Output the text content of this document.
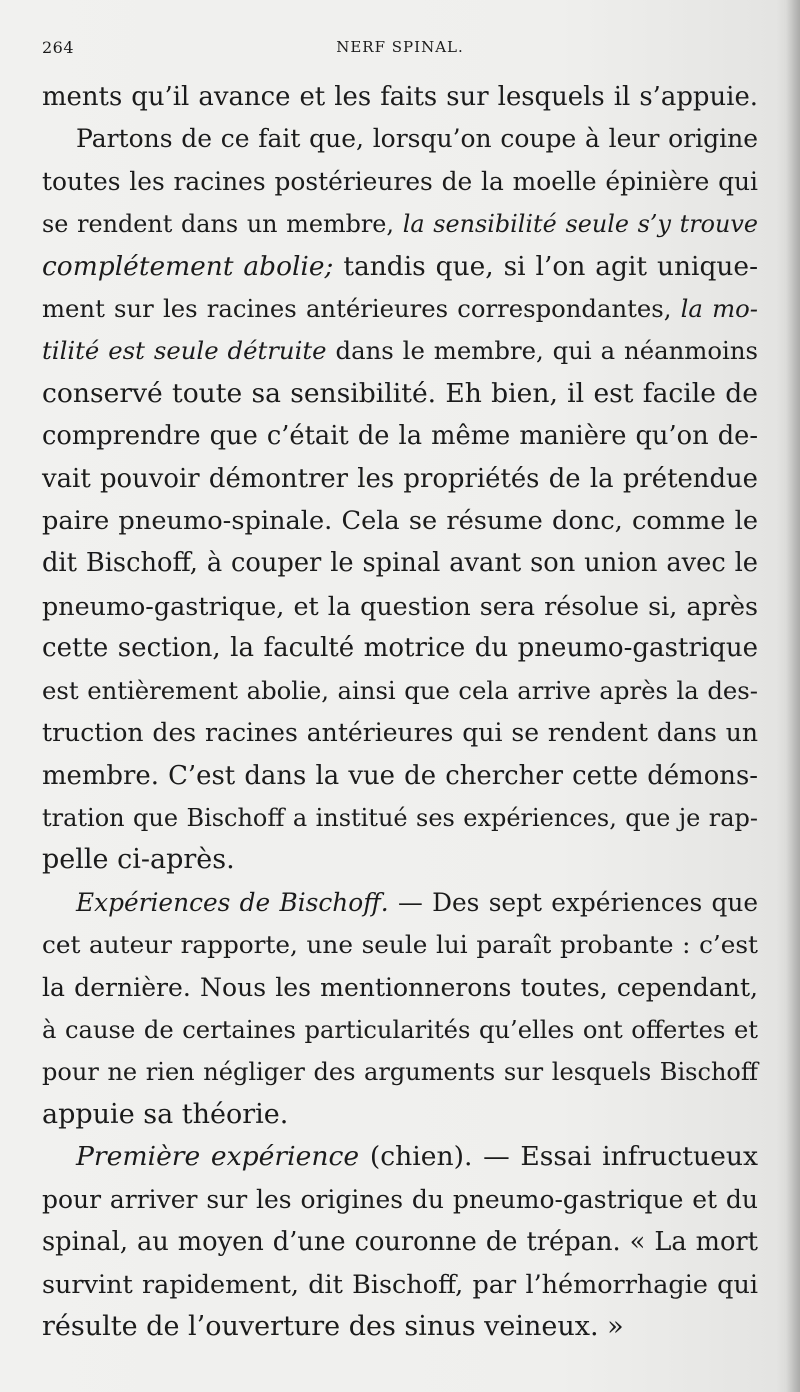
264	NERF SPINAL.
ments qu’il avance et les faits sur lesquels il s’appuie.
Partons de ce fait que, lorsqu’on coupe à leur origine
toutes les racines postérieures de la moelle épinière qui
se rendent dans un membre, la sensibilité seule s’y trouve
complétement abolie; tandis que, si l’on agit unique-
ment sur les racines antérieures correspondantes, la mo-
tilité est seule détruite dans le membre, qui a néanmoins
conservé toute sa sensibilité. Eh bien, il est facile de
comprendre que c’était de la même manière qu’on de-
vait pouvoir démontrer les propriétés de la prétendue
paire pneumo-spinale. Cela se résume donc, comme le
dit Bischoff, à couper le spinal avant son union avec le
pneumo-gastrique, et la question sera résolue si, après
cette section, la faculté motrice du pneumo-gastrique
est entièrement abolie, ainsi que cela arrive après la des-
truction des racines antérieures qui se rendent dans un
membre. C’est dans la vue de chercher cette démons-
tration que Bischoff a institué ses expériences, que je rap-
pelle ci-après.
Expériences de Bischoff. — Des sept expériences que
cet auteur rapporte, une seule lui paraît probante : c’est
la dernière. Nous les mentionnerons toutes, cependant,
à cause de certaines particularités qu’elles ont offertes et
pour ne rien négliger des arguments sur lesquels Bischoff
appuie sa théorie.
Première expérience (chien). — Essai infructueux
pour arriver sur les origines du pneumo-gastrique et du
spinal, au moyen d’une couronne de trépan. « La mort
survint rapidement, dit Bischoff, par l’hémorrhagie qui
résulte de l’ouverture des sinus veineux. »
